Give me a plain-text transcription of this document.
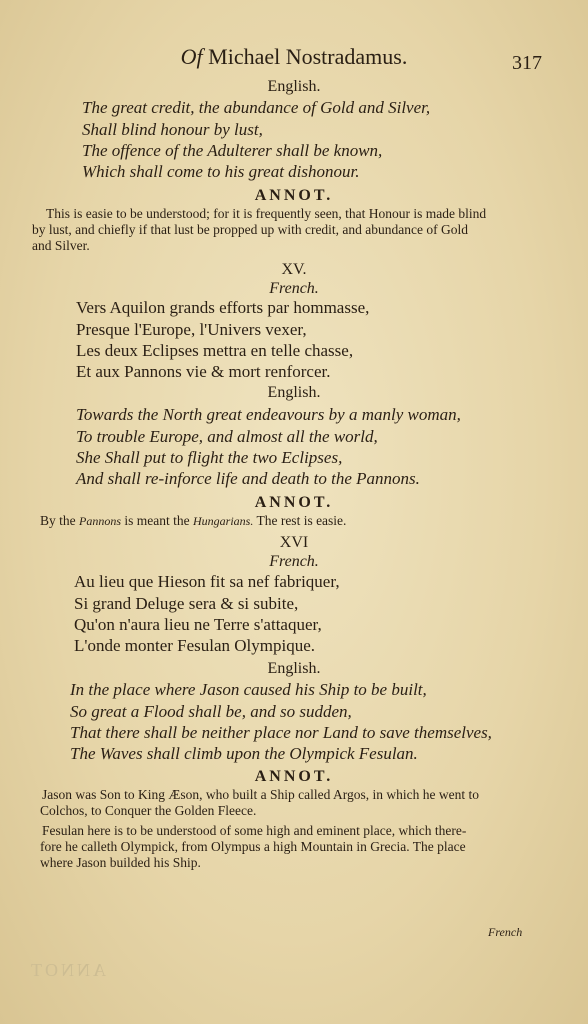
Of Michael Nostradamus.	317
English.
The great credit, the abundance of Gold and Silver,
Shall blind honour by lust,
The offence of the Adulterer shall be known,
Which shall come to his great dishonour.
ANNOT.
This is easie to be understood; for it is frequently seen, that Honour is made blind
by lust, and chiefly if that lust be propped up with credit, and abundance of Gold
and Silver.
XV.
French.
Vers Aquilon grands efforts par hommasse,
Presque l'Europe, l'Univers vexer,
Les deux Eclipses mettra en telle chasse,
Et aux Pannons vie & mort renforcer.
English.
Towards the North great endeavours by a manly woman,
To trouble Europe, and almost all the world,
She Shall put to flight the two Eclipses,
And shall re-inforce life and death to the Pannons.
ANNOT.
By the Pannons is meant the Hungarians. The rest is easie.
XVI
French.
Au lieu que Hieson fit sa nef fabriquer,
Si grand Deluge sera & si subite,
Qu'on n'aura lieu ne Terre s'attaquer,
L'onde monter Fesulan Olympique.
English.
In the place where Jason caused his Ship to be built,
So great a Flood shall be, and so sudden,
That there shall be neither place nor Land to save themselves,
The Waves shall climb upon the Olympick Fesulan.
ANNOT.
Jason was Son to King Æson, who built a Ship called Argos, in which he went to
Colchos, to Conquer the Golden Fleece.
Fesulan here is to be understood of some high and eminent place, which there-
fore he calleth Olympick, from Olympus a high Mountain in Grecia. The place
where Jason builded his Ship.
French
ANNOT
